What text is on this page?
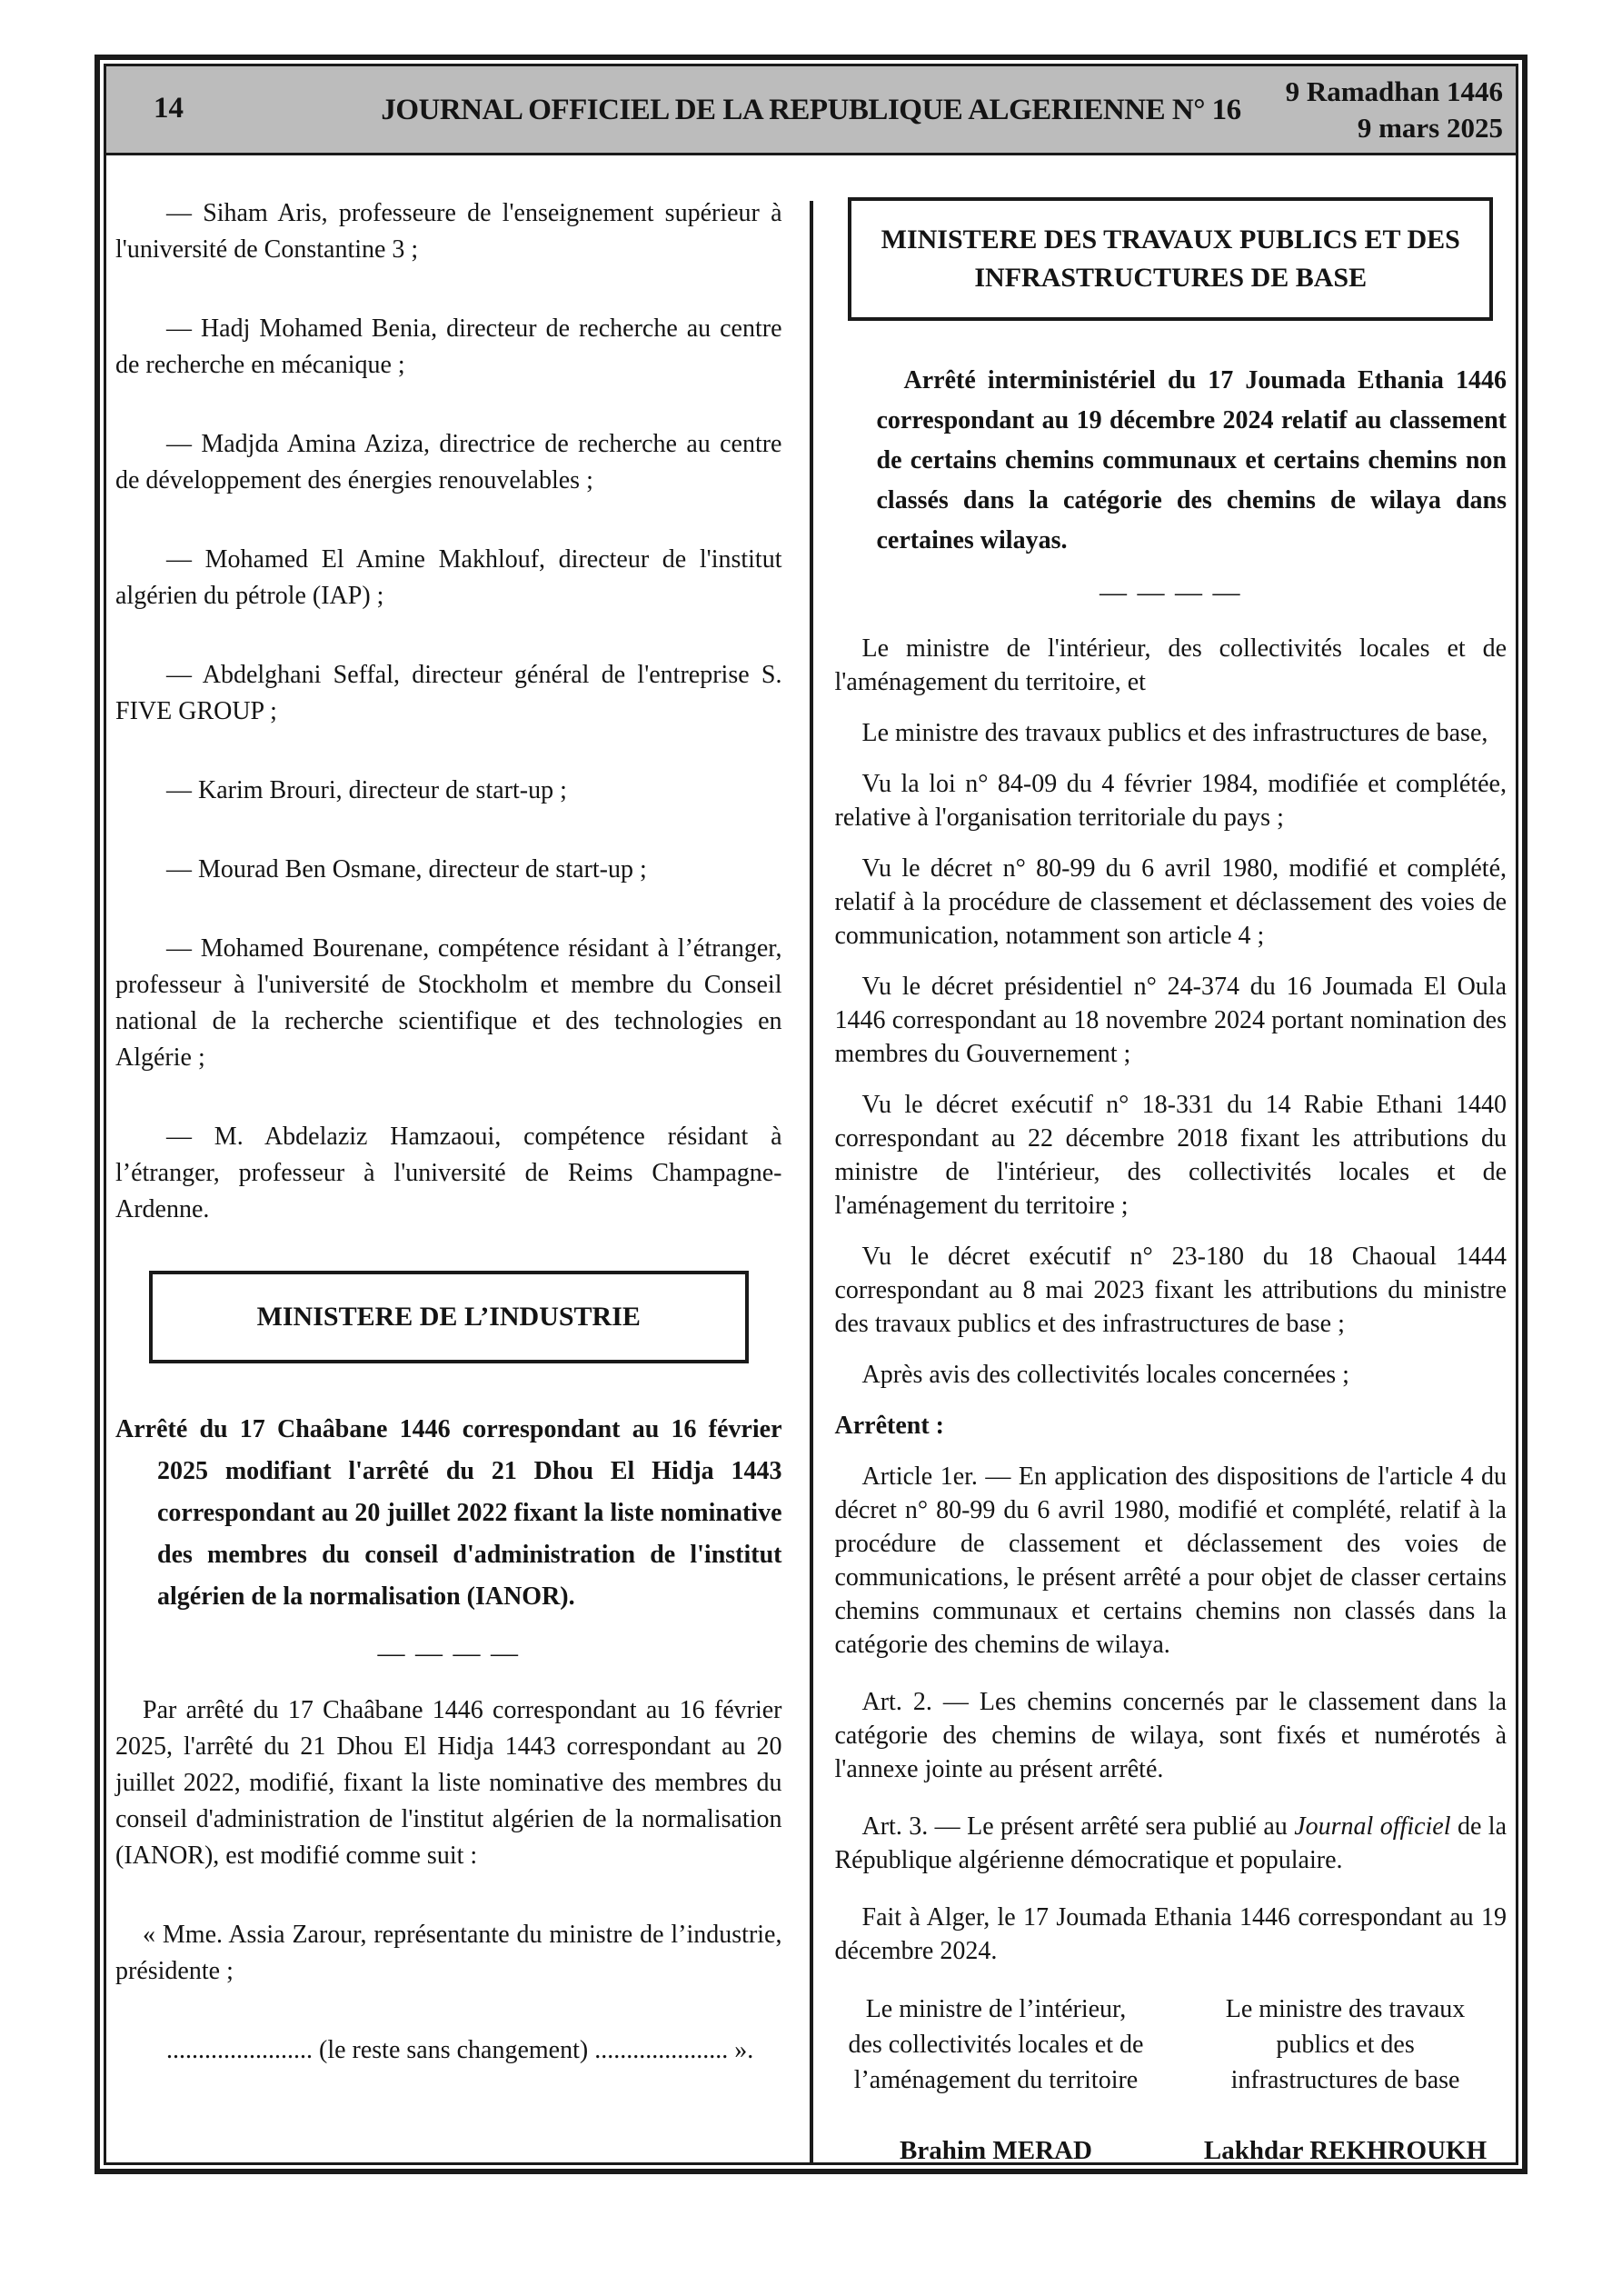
14	JOURNAL OFFICIEL DE LA REPUBLIQUE ALGERIENNE N° 16
9 Ramadhan 1446
9 mars 2025

— Siham Aris, professeure de l'enseignement supérieur à l'université de Constantine 3 ;

— Hadj Mohamed Benia, directeur de recherche au centre de recherche en mécanique ;

— Madjda Amina Aziza, directrice de recherche au centre de développement des énergies renouvelables ;

— Mohamed El Amine Makhlouf, directeur de l'institut algérien du pétrole (IAP) ;

— Abdelghani Seffal, directeur général de l'entreprise S. FIVE GROUP ;

— Karim Brouri, directeur de start-up ;

— Mourad Ben Osmane, directeur de start-up ;

— Mohamed Bourenane, compétence résidant à l’étranger, professeur à l'université de Stockholm et membre du Conseil national de la recherche scientifique et des technologies en Algérie ;

— M. Abdelaziz Hamzaoui, compétence résidant à l’étranger, professeur à l'université de Reims Champagne-Ardenne.

MINISTERE DE L’INDUSTRIE

Arrêté du 17 Chaâbane 1446 correspondant au 16 février 2025 modifiant l'arrêté du 21 Dhou El Hidja 1443 correspondant au 20 juillet 2022 fixant la liste nominative des membres du conseil d'administration de l'institut algérien de la normalisation (IANOR).

— — — —

Par arrêté du 17 Chaâbane 1446 correspondant au 16 février 2025, l'arrêté du 21 Dhou El Hidja 1443 correspondant au 20 juillet 2022, modifié, fixant la liste nominative des membres du conseil d'administration de l'institut algérien de la normalisation (IANOR), est modifié comme suit :

« Mme. Assia Zarour, représentante du ministre de l’industrie, présidente ;

....................... (le reste sans changement) ..................... ».

MINISTERE DES TRAVAUX PUBLICS ET DES INFRASTRUCTURES DE BASE

Arrêté interministériel du 17 Joumada Ethania 1446 correspondant au 19 décembre 2024 relatif au classement de certains chemins communaux et certains chemins non classés dans la catégorie des chemins de wilaya dans certaines wilayas.

— — — —

Le ministre de l'intérieur, des collectivités locales et de l'aménagement du territoire, et

Le ministre des travaux publics et des infrastructures de base,

Vu la loi n° 84-09 du 4 février 1984, modifiée et complétée, relative à l'organisation territoriale du pays ;

Vu le décret n° 80-99 du 6 avril 1980, modifié et complété, relatif à la procédure de classement et déclassement des voies de communication, notamment son article 4 ;

Vu le décret présidentiel n° 24-374 du 16 Joumada El Oula 1446 correspondant au 18 novembre 2024 portant nomination des membres du Gouvernement ;

Vu le décret exécutif n° 18-331 du 14 Rabie Ethani 1440 correspondant au 22 décembre 2018 fixant les attributions du ministre de l'intérieur, des collectivités locales et de l'aménagement du territoire ;

Vu le décret exécutif n° 23-180 du 18 Chaoual 1444 correspondant au 8 mai 2023 fixant les attributions du ministre des travaux publics et des infrastructures de base ;

Après avis des collectivités locales concernées ;

Arrêtent :

Article 1er. — En application des dispositions de l'article 4 du décret n° 80-99 du 6 avril 1980, modifié et complété, relatif à la procédure de classement et déclassement des voies de communications, le présent arrêté a pour objet de classer certains chemins communaux et certains chemins non classés dans la catégorie des chemins de wilaya.

Art. 2. — Les chemins concernés par le classement dans la catégorie des chemins de wilaya, sont fixés et numérotés à l'annexe jointe au présent arrêté.

Art. 3. — Le présent arrêté sera publié au Journal officiel de la République algérienne démocratique et populaire.

Fait à Alger, le 17 Joumada Ethania 1446 correspondant au 19 décembre 2024.

Le ministre de l’intérieur,
des collectivités locales et de
l’aménagement du territoire
Le ministre des travaux
publics et des
infrastructures de base
Brahim MERAD	Lakhdar REKHROUKH
